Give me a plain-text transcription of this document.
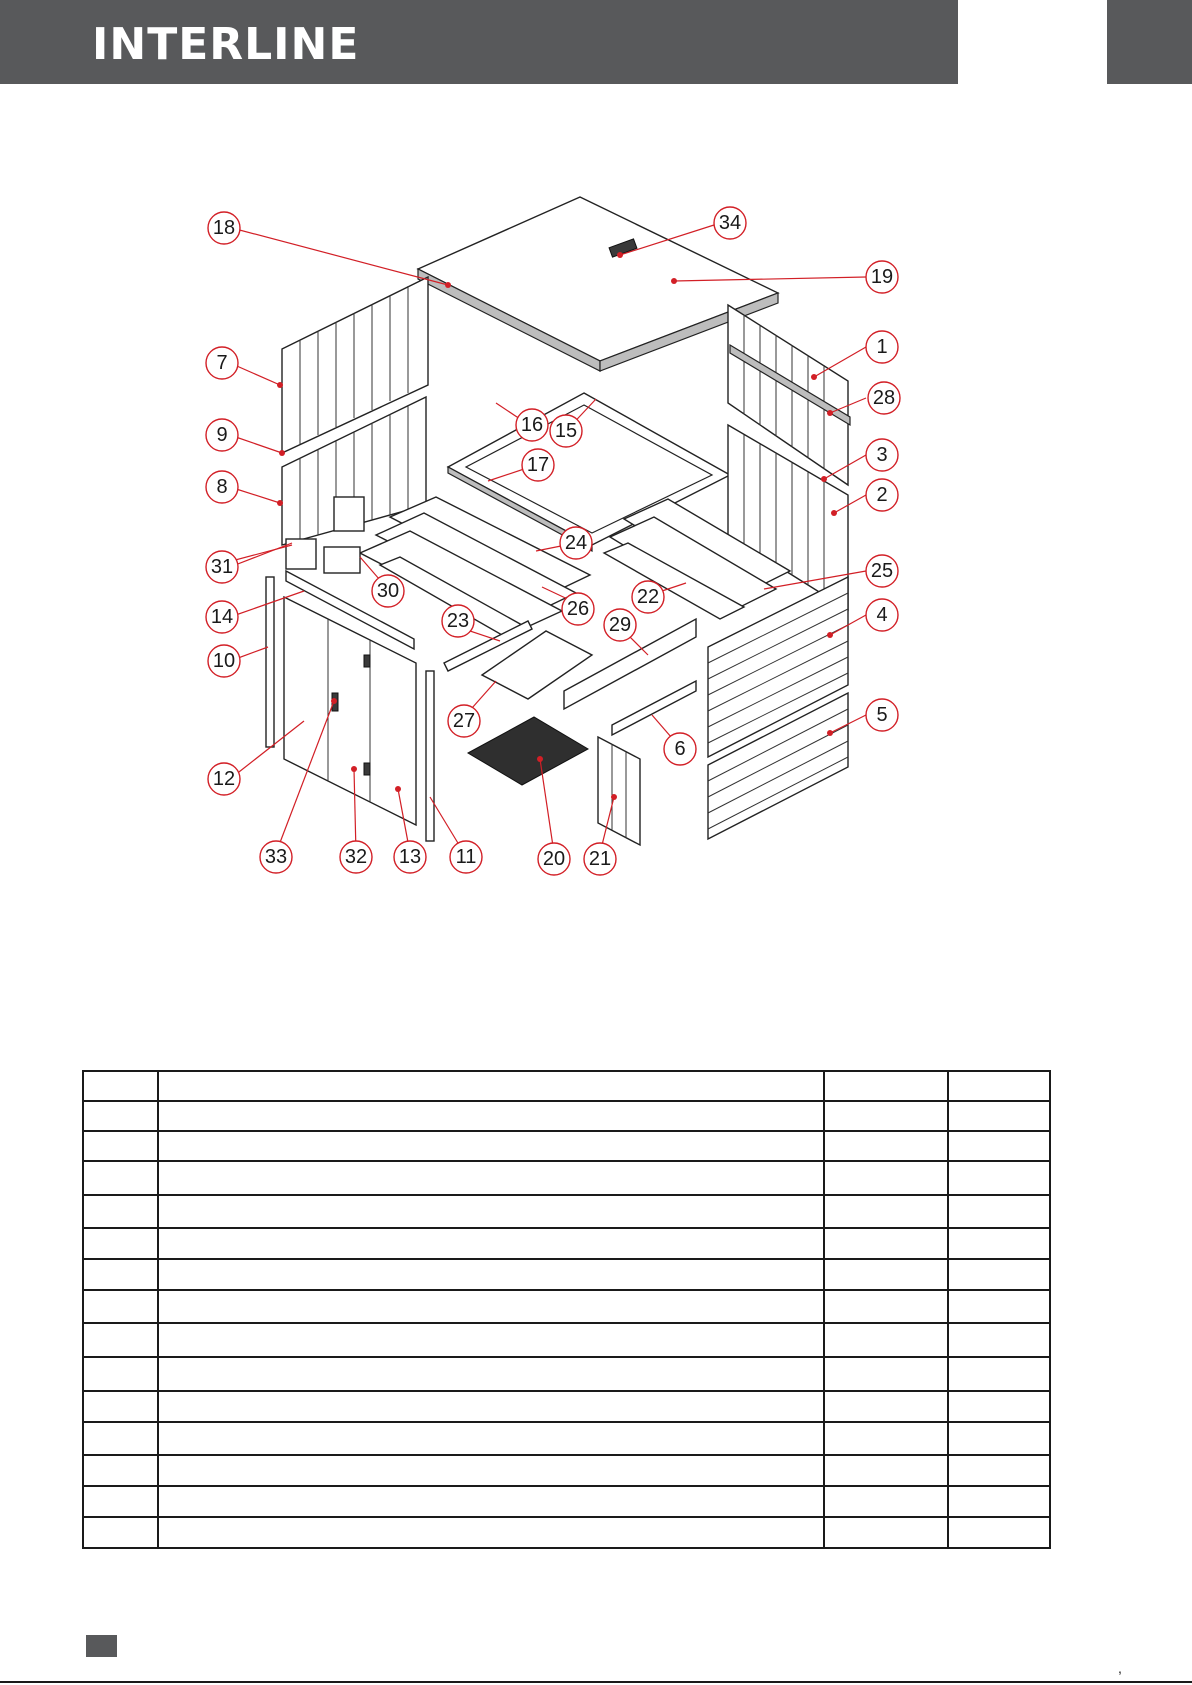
INTERLINE
18	34
19
7
1
28
9	16 15
3
17
8	2
24
31	25
30	22
26
14	4
23	29
10
5
27
6
12
33	32 13 11	20 21

,
